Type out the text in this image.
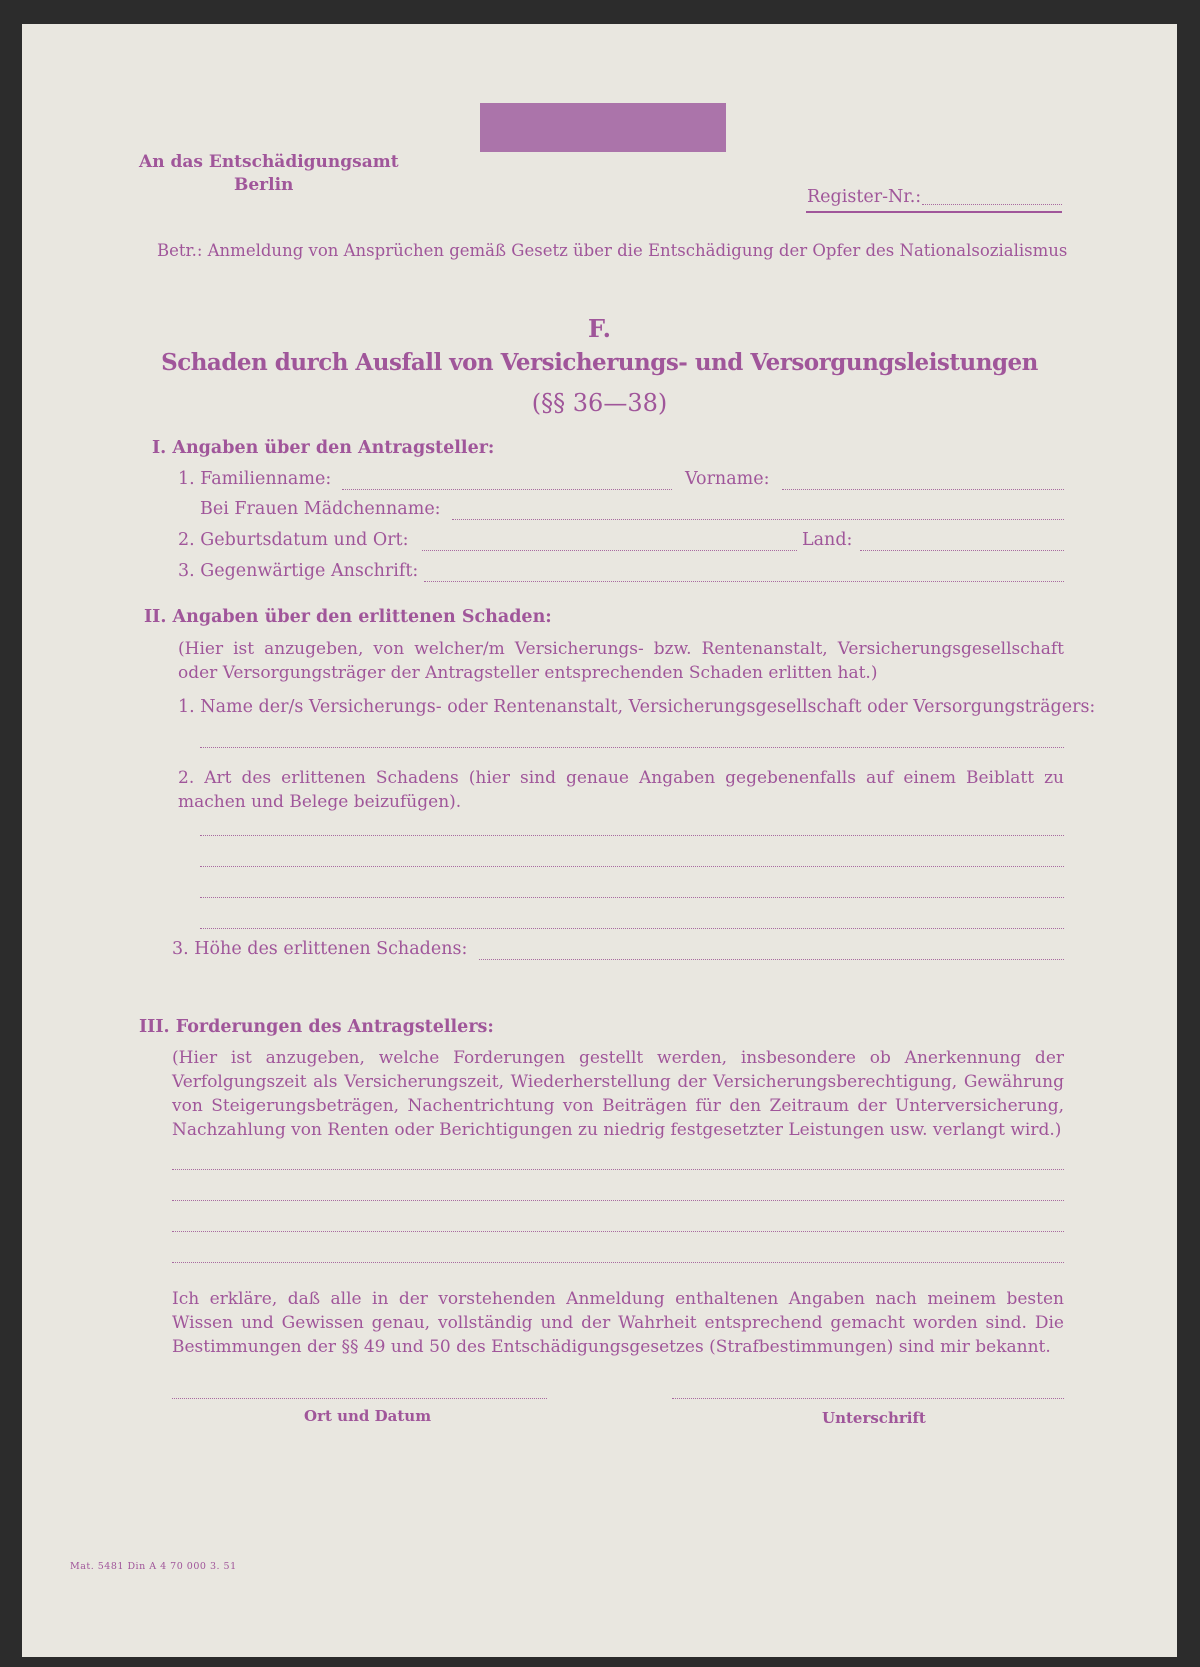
An das Entschädigungsamt
Berlin
Register-Nr.:
Betr.: Anmeldung von Ansprüchen gemäß Gesetz über die Entschädigung der Opfer des Nationalsozialismus
F.
Schaden durch Ausfall von Versicherungs- und Versorgungsleistungen
(§§ 36—38)
I. Angaben über den Antragsteller:
1. Familienname:	Vorname:
Bei Frauen Mädchenname:
2. Geburtsdatum und Ort:	Land:
3. Gegenwärtige Anschrift:
II. Angaben über den erlittenen Schaden:
(Hier ist anzugeben, von welcher/m Versicherungs- bzw. Rentenanstalt, Versicherungsgesellschaft oder Versorgungsträger der Antragsteller entsprechenden Schaden erlitten hat.)
1. Name der/s Versicherungs- oder Rentenanstalt, Versicherungsgesellschaft oder Versorgungsträgers:
2. Art des erlittenen Schadens (hier sind genaue Angaben gegebenenfalls auf einem Beiblatt zu machen und Belege beizufügen).
3. Höhe des erlittenen Schadens:
III. Forderungen des Antragstellers:
(Hier ist anzugeben, welche Forderungen gestellt werden, insbesondere ob Anerkennung der Verfolgungszeit als Versicherungszeit, Wiederherstellung der Versicherungsberechtigung, Gewährung von Steigerungsbeträgen, Nachentrichtung von Beiträgen für den Zeitraum der Unterversicherung, Nachzahlung von Renten oder Berichtigungen zu niedrig festgesetzter Leistungen usw. verlangt wird.)
Ich erkläre, daß alle in der vorstehenden Anmeldung enthaltenen Angaben nach meinem besten Wissen und Gewissen genau, vollständig und der Wahrheit entsprechend gemacht worden sind. Die Bestimmungen der §§ 49 und 50 des Entschädigungsgesetzes (Strafbestimmungen) sind mir bekannt.
Ort und Datum	Unterschrift
Mat. 5481 Din A 4 70 000 3. 51
